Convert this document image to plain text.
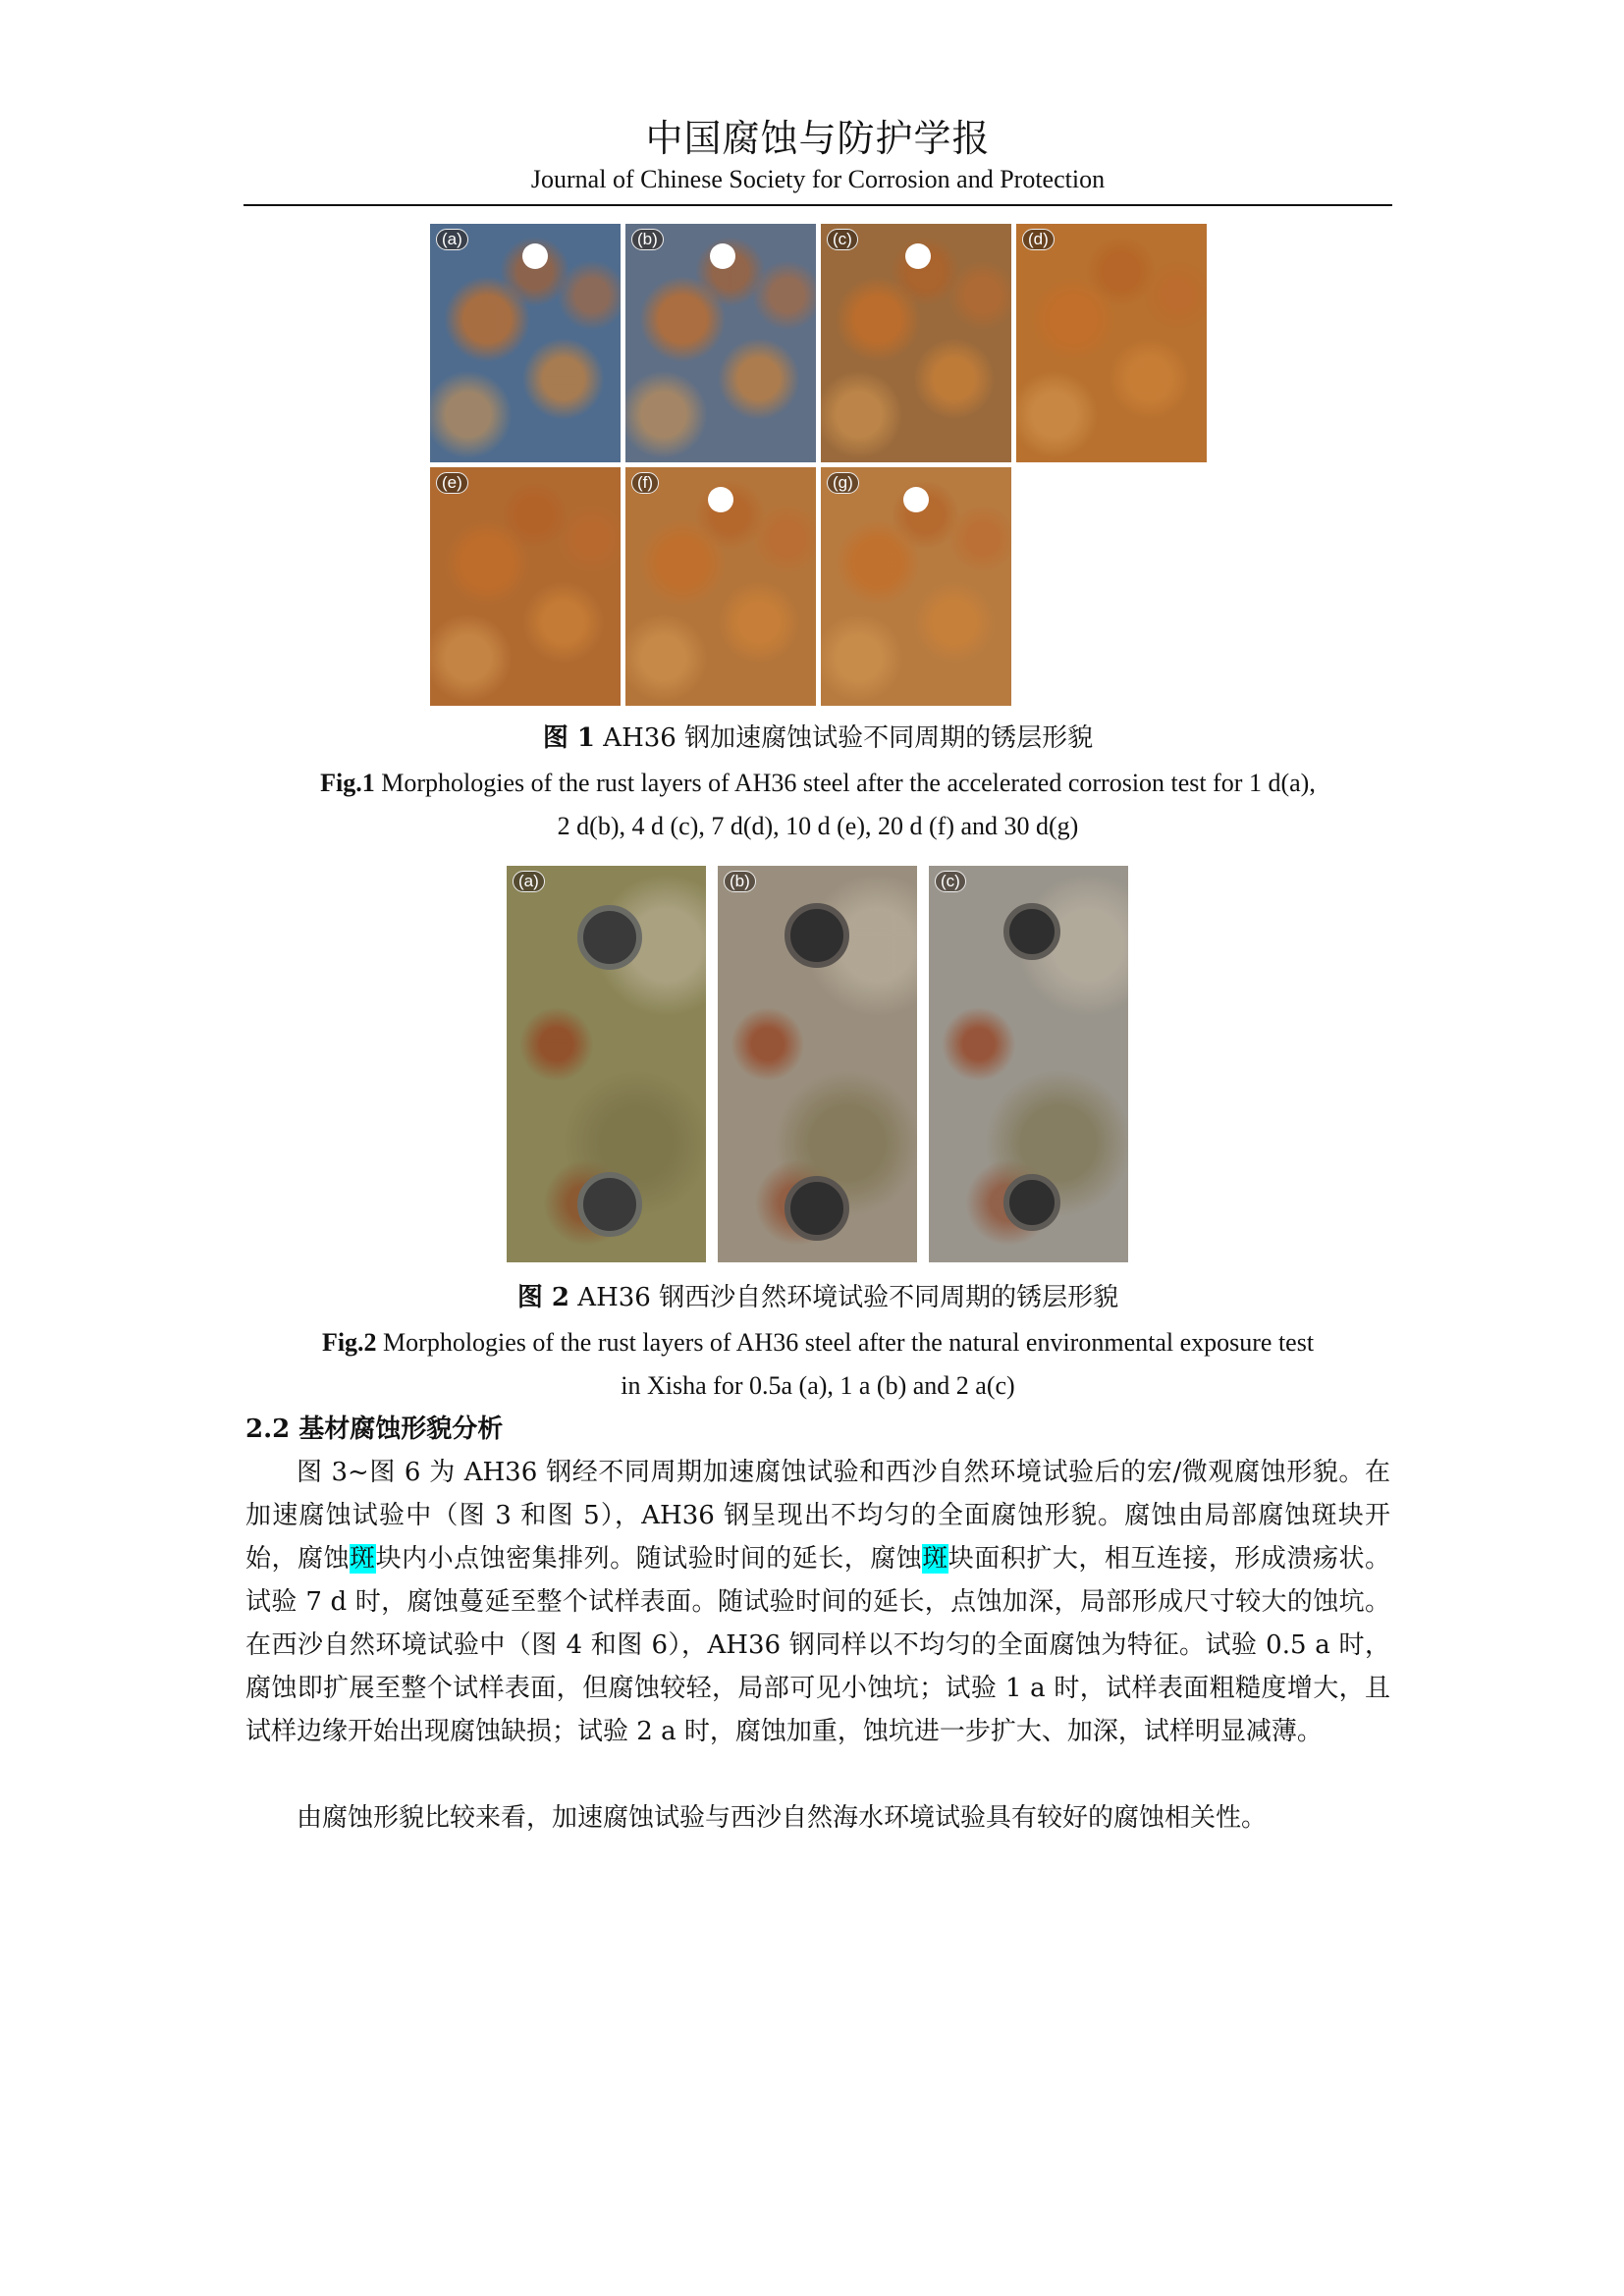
中国腐蚀与防护学报
Journal of Chinese Society for Corrosion and Protection
(a)	(b)	(c)	(d)
(e)	(f)	(g)
图 1 AH36 钢加速腐蚀试验不同周期的锈层形貌
Fig.1 Morphologies of the rust layers of AH36 steel after the accelerated corrosion test for 1 d(a),
2 d(b), 4 d (c), 7 d(d), 10 d (e), 20 d (f) and 30 d(g)
(a)	(b)	(c)
图 2 AH36 钢西沙自然环境试验不同周期的锈层形貌
Fig.2 Morphologies of the rust layers of AH36 steel after the natural environmental exposure test
in Xisha for 0.5a (a), 1 a (b) and 2 a(c)
2.2 基材腐蚀形貌分析
图 3~图 6 为 AH36 钢经不同周期加速腐蚀试验和西沙自然环境试验后的宏/微观腐蚀形貌。在加速腐蚀试验中（图 3 和图 5），AH36 钢呈现出不均匀的全面腐蚀形貌。腐蚀由局部腐蚀斑块开始，腐蚀斑块内小点蚀密集排列。随试验时间的延长，腐蚀斑块面积扩大，相互连接，形成溃疡状。试验 7 d 时，腐蚀蔓延至整个试样表面。随试验时间的延长，点蚀加深，局部形成尺寸较大的蚀坑。在西沙自然环境试验中（图 4 和图 6），AH36 钢同样以不均匀的全面腐蚀为特征。试验 0.5 a 时，腐蚀即扩展至整个试样表面，但腐蚀较轻，局部可见小蚀坑；试验 1 a 时，试样表面粗糙度增大，且试样边缘开始出现腐蚀缺损；试验 2 a 时，腐蚀加重，蚀坑进一步扩大、加深，试样明显减薄。
由腐蚀形貌比较来看，加速腐蚀试验与西沙自然海水环境试验具有较好的腐蚀相关性。
